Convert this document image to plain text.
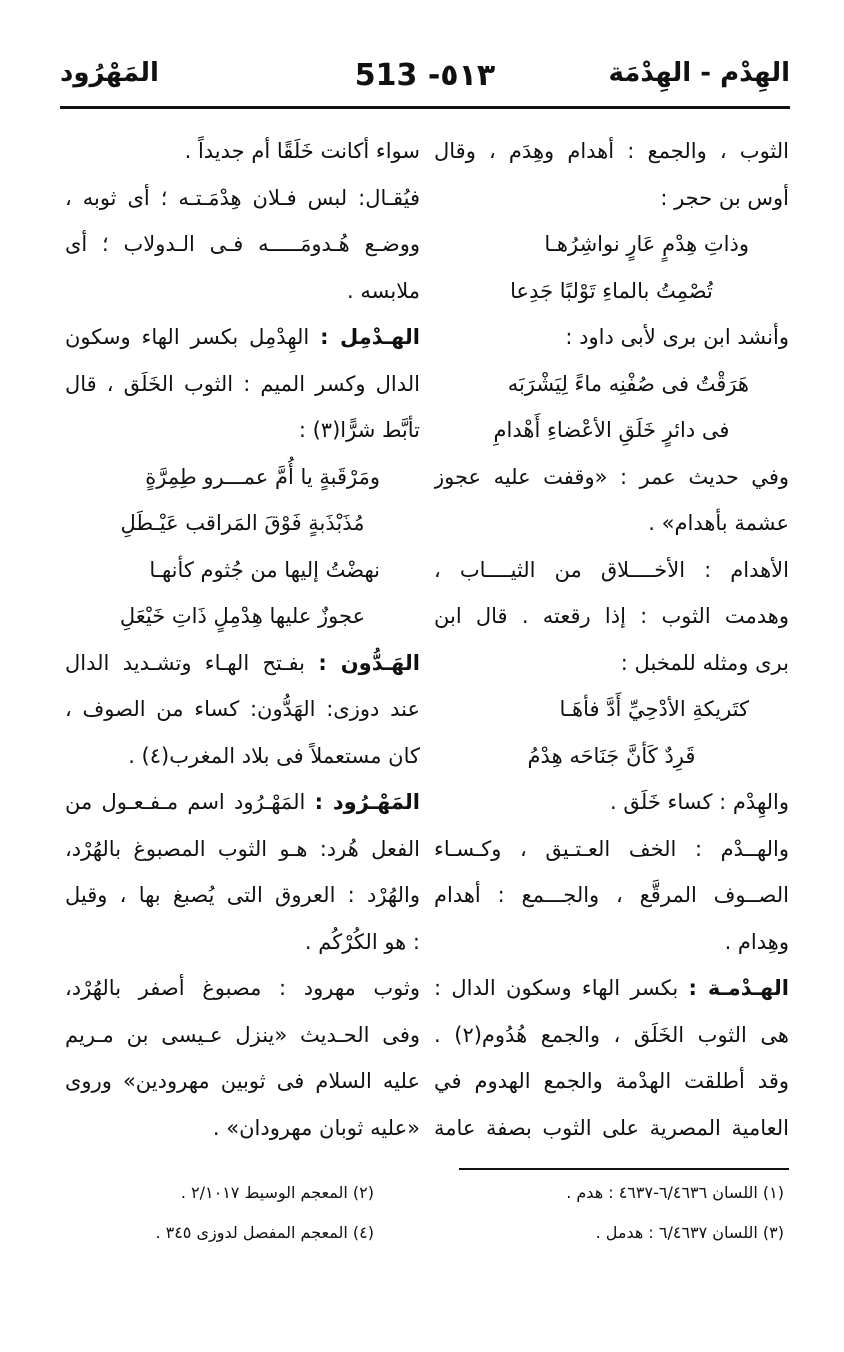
الهِدْم - الهِدْمَة
513 -٥١٣
المَهْرُود
الثوب ، والجمع : أهدام وهِدَم ، وقال
أوس بن حجر :
وذاتِ هِدْمٍ عَارٍ نواشِرُهـا
تُصْمِتُ بالماءِ تَوْلبًا جَدِعا
وأنشد ابن برى لأبى داود :
هَرَقْتُ فى صُفْنِه ماءً لِيَشْرَبَه
فى دائرٍ خَلَقِ الأعْضاءِ أَهْدامِ
وفي حديث عمر : «وقفت عليه عجوز
عشمة بأهدام» .
الأهدام : الأخــــلاق من الثيــــاب ،
وهدمت الثوب : إذا رقعته . قال ابن
برى ومثله للمخبل :
كتَريكةِ الأدْحِيِّ أَدَّ فأهَـا
قَرِدٌ كَأنَّ جَنَاحَه هِدْمُ
والهِدْم : كساء خَلَق .
والهــدْم : الخف العـتـيق ، وكـسـاء
الصــوف المرقَّع ، والجـــمع : أهدام
وهِدام .
الهـدْمـة : بكسر الهاء وسكون الدال :
هى الثوب الخَلَق ، والجمع هُدُوم(٢) .
وقد أطلقت الهدْمة والجمع الهدوم في
العامية المصرية على الثوب بصفة عامة
سواء أكانت خَلَقًا أم جديداً .
فيُقـال: لبس فـلان هِدْمَـتـه ؛ أى ثوبه ،
ووضـع هُـدومَـــــه فـى الـدولاب ؛ أى
ملابسه .
الهـدْمِل : الهِدْمِل بكسر الهاء وسكون
الدال وكسر الميم : الثوب الخَلَق ، قال
تأبَّط شرًّا(٣) :
ومَرْقَبةٍ يا أُمَّ عمـــرو طِمِرَّةٍ
مُذَبْذَبةٍ فَوْقَ المَراقب عَيْـطَلِ
نهضْتُ إليها من جُثوم كأنهـا
عجوزٌ عليها هِدْمِلٍ ذَاتِ خَيْعَلِ
الهَـدُّون : بفـتح الهـاء وتشـديد الدال
عند دوزى: الهَدُّون: كساء من الصوف ،
كان مستعملاً فى بلاد المغرب(٤) .
المَهْـرُود : المَهْـرُود اسم مـفـعـول من
الفعل هُرد: هـو الثوب المصبوغ بالهُرْد،
والهُرْد : العروق التى يُصبغ بها ، وقيل
: هو الكُرْكُم .
وثوب مهرود : مصبوغ أصفر بالهُرْد،
وفى الحـديث «ينزل عـيسى بن مـريم
عليه السلام فى ثوبين مهرودين» وروى
«عليه ثوبان مهرودان» .
(١) اللسان ٦/٤٦٣٦-٤٦٣٧ : هدم .
(٣) اللسان ٦/٤٦٣٧ : هدمل .
(٢) المعجم الوسيط ٢/١٠١٧ .
(٤) المعجم المفصل لدوزى ٣٤٥ .
